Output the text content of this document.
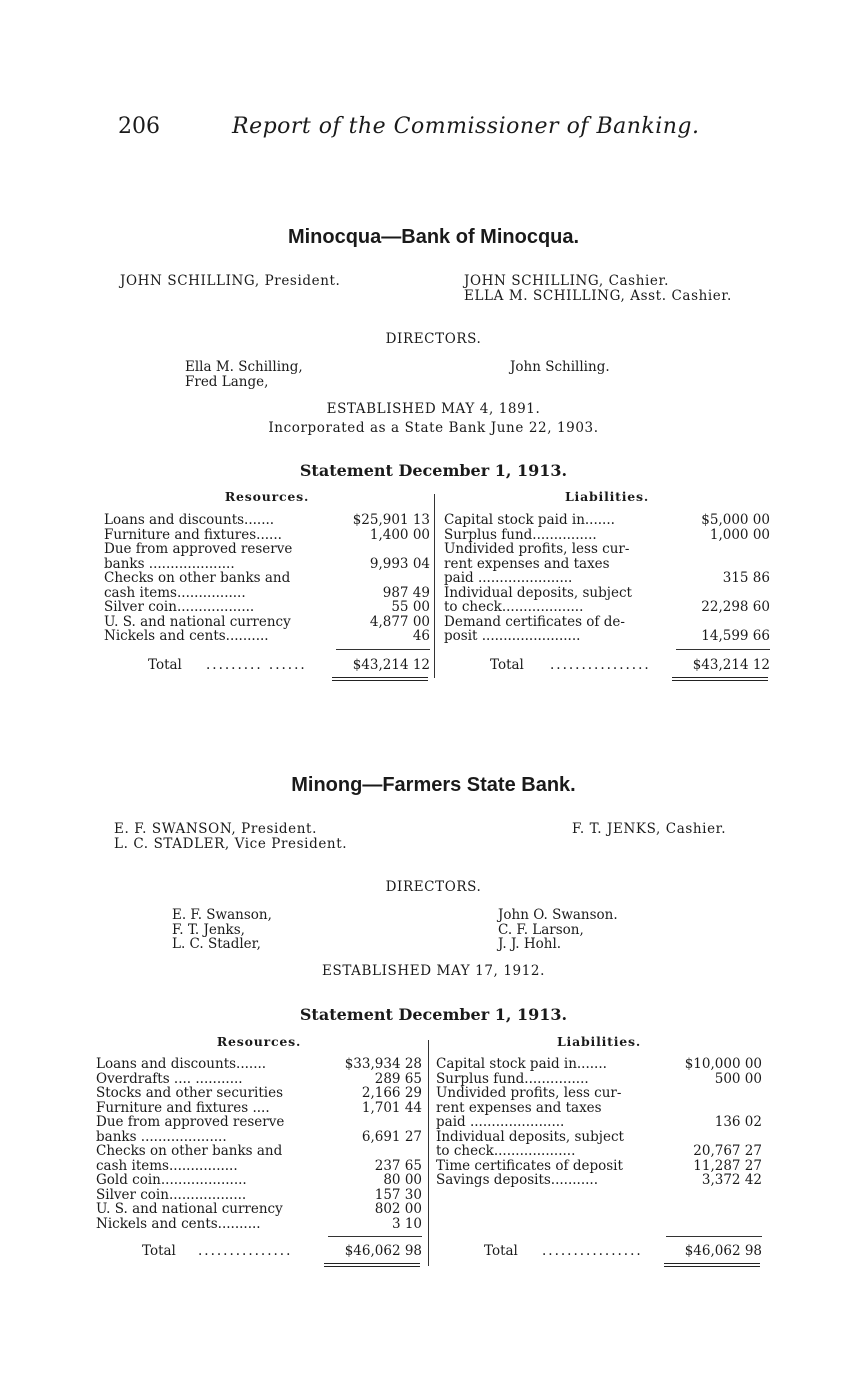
206	Report of the Commissioner of Banking.
Minocqua—Bank of Minocqua.
JOHN SCHILLING, President.	JOHN SCHILLING, Cashier.
ELLA M. SCHILLING, Asst. Cashier.
DIRECTORS.
Ella M. Schilling,
Fred Lange,
John Schilling.
ESTABLISHED MAY 4, 1891.
Incorporated as a State Bank June 22, 1903.
Statement December 1, 1913.
Resources.	Liabilities.
Loans and discounts.......	$25,901 13
Furniture and fixtures......	1,400 00
Due from approved reserve
banks ....................	9,993 04
Checks on other banks and
cash items................	987 49
Silver coin..................	55 00
U. S. and national currency	4,877 00
Nickels and cents..........	46
Capital stock paid in.......	$5,000 00
Surplus fund...............	1,000 00
Undivided profits, less cur-
rent expenses and taxes
paid ......................	315 86
Individual deposits, subject
to check...................	22,298 60
Demand certificates of de-
posit .......................	14,599 66
Total ......... ......	$43,214 12	Total ................	$43,214 12
Minong—Farmers State Bank.
E. F. SWANSON, President.
L. C. STADLER, Vice President.
F. T. JENKS, Cashier.
DIRECTORS.
E. F. Swanson,
F. T. Jenks,
L. C. Stadler,
John O. Swanson.
C. F. Larson,
J. J. Hohl.
ESTABLISHED MAY 17, 1912.
Statement December 1, 1913.
Resources.	Liabilities.
Loans and discounts.......	$33,934 28
Overdrafts .... ...........	289 65
Stocks and other securities	2,166 29
Furniture and fixtures ....	1,701 44
Due from approved reserve
banks ....................	6,691 27
Checks on other banks and
cash items................	237 65
Gold coin....................	80 00
Silver coin..................	157 30
U. S. and national currency	802 00
Nickels and cents..........	3 10
Capital stock paid in.......	$10,000 00
Surplus fund...............	500 00
Undivided profits, less cur-
rent expenses and taxes
paid ......................	136 02
Individual deposits, subject
to check...................	20,767 27
Time certificates of deposit	11,287 27
Savings deposits...........	3,372 42
Total ...............	$46,062 98	Total ................	$46,062 98
